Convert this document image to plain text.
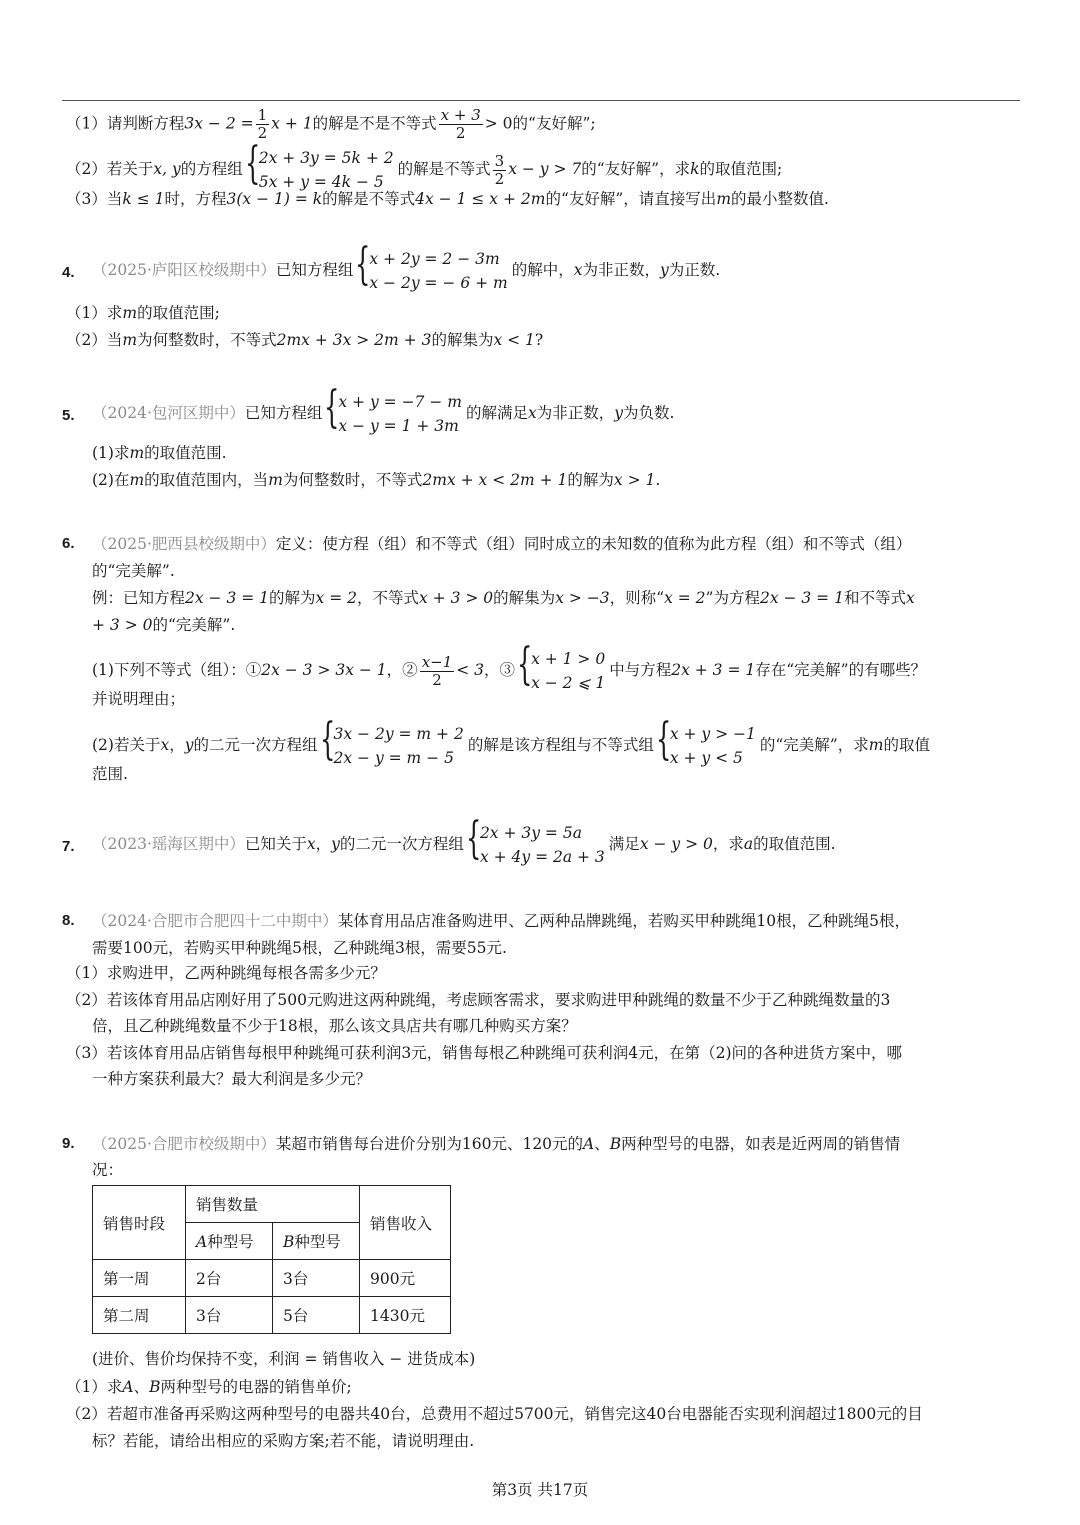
（1）请判断方程$3x - 2 = \frac{1}{2}$ x + 1的解是不是不等式 $\frac{x + 3}{2} > 0$的“友好解”;
（2）若关于x, y的方程组 {
2x + 3y = 5k + 2
5x + y = 4k − 5
的解是不等式 $\frac{3}{2}$ x − y > 7的“友好解”，求k的取值范围;
（3）当k ≤ 1时，方程3(x − 1) = k的解是不等式4x − 1 ≤ x + 2m的“友好解”，请直接写出m的最小整数值.
4. （2025·庐阳区校级期中）已知方程组 {
x + 2y = 2 − 3m
x − 2y = − 6 + m
的解中，x为非正数，y为正数.
（1）求m的取值范围;
（2）当m为何整数时，不等式2mx + 3x > 2m + 3的解集为x < 1?
5. （2024·包河区期中）已知方程组 {
x + y = −7 − m
x − y = 1 + 3m
的解满足x为非正数，y为负数.
(1)求m的取值范围.
(2)在m的取值范围内，当m为何整数时，不等式2mx + x < 2m + 1的解为x > 1.
6. （2025·肥西县校级期中）定义：使方程（组）和不等式（组）同时成立的未知数的值称为此方程（组）和不等式（组）
的“完美解”.
例：已知方程2x − 3 = 1的解为x = 2，不等式x + 3 > 0的解集为x > −3，则称“x = 2”为方程2x − 3 = 1和不等式x
+ 3 > 0的“完美解”.
(1)下列不等式（组）：①2x − 3 > 3x − 1，② $\frac{x-1}{2} < 3$，③ {
x + 1 > 0
x − 2 ⩽ 1
中与方程2x + 3 = 1存在“完美解”的有哪些？
并说明理由；
(2)若关于x，y的二元一次方程组 {
3x − 2y = m + 2
2x − y = m − 5
的解是该方程组与不等式组 {
x + y > −1
x + y < 5
的“完美解”，求m的取值
范围.
7. （2023·瑶海区期中）已知关于x，y的二元一次方程组 {
2x + 3y = 5a
x + 4y = 2a + 3
满足x − y > 0，求a的取值范围.
8. （2024·合肥市合肥四十二中期中）某体育用品店准备购进甲、乙两种品牌跳绳，若购买甲种跳绳10根，乙种跳绳5根，
需要100元，若购买甲种跳绳5根，乙种跳绳3根，需要55元.
（1）求购进甲，乙两种跳绳每根各需多少元？
（2）若该体育用品店刚好用了500元购进这两种跳绳，考虑顾客需求，要求购进甲种跳绳的数量不少于乙种跳绳数量的3
倍，且乙种跳绳数量不少于18根，那么该文具店共有哪几种购买方案？
（3）若该体育用品店销售每根甲种跳绳可获利润3元，销售每根乙种跳绳可获利润4元，在第（2)问的各种进货方案中，哪
一种方案获利最大？最大利润是多少元？
9. （2025·合肥市校级期中）某超市销售每台进价分别为160元、120元的A、B两种型号的电器，如表是近两周的销售情
况：
销售时段	销售数量		销售收入
	A种型号	B种型号	
第一周	2台	3台	900元
第二周	3台	5台	1430元
(进价、售价均保持不变，利润 = 销售收入 − 进货成本)
（1）求A、B两种型号的电器的销售单价;
（2）若超市准备再采购这两种型号的电器共40台，总费用不超过5700元，销售完这40台电器能否实现利润超过1800元的目
标？若能，请给出相应的采购方案;若不能，请说明理由.
第3页 共17页
